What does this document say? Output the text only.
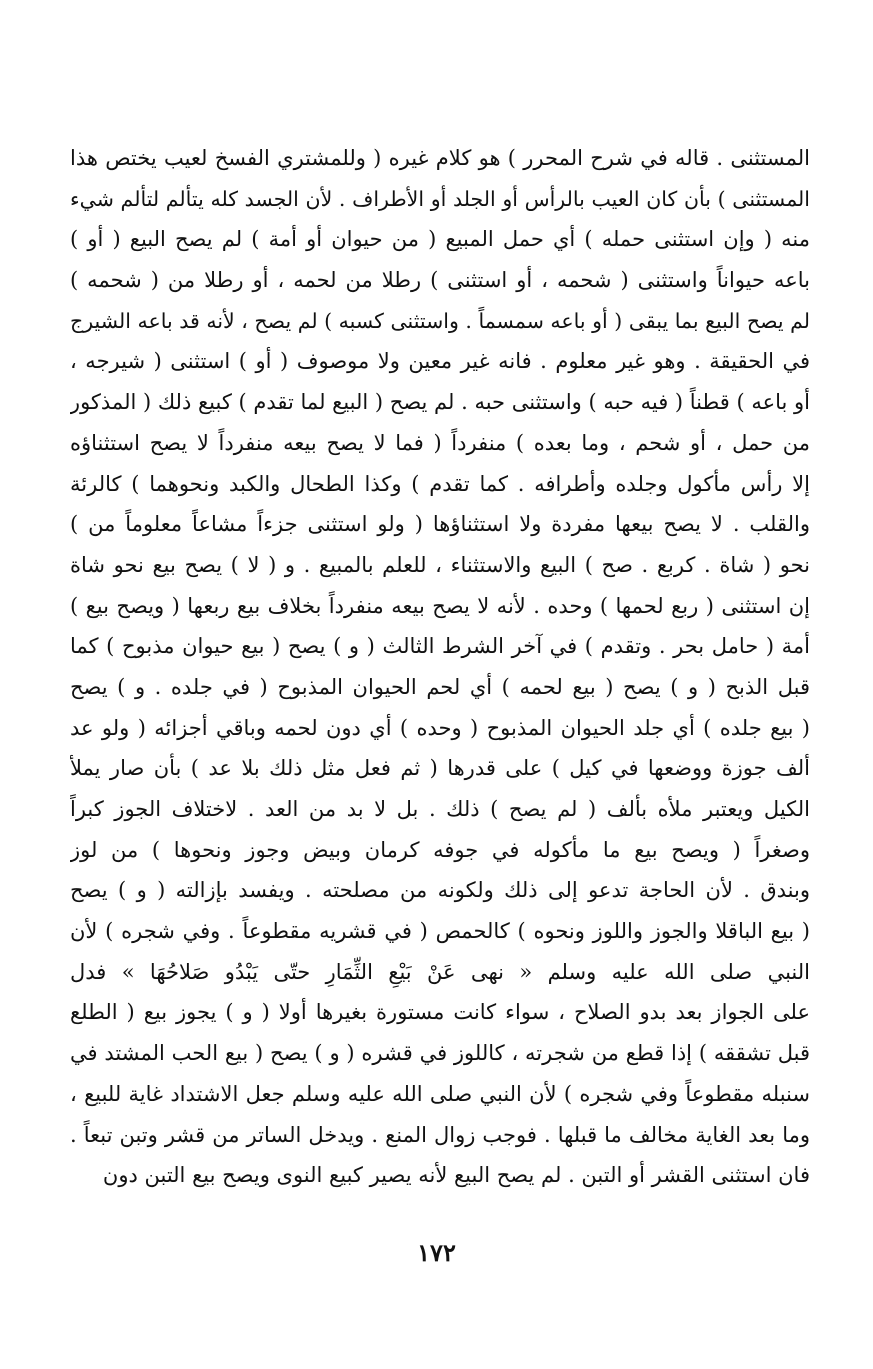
المستثنى . قاله في شرح المحرر ) هو كلام غيره ( وللمشتري الفسخ لعيب يختص هذا
المستثنى ) بأن كان العيب بالرأس أو الجلد أو الأطراف . لأن الجسد كله يتألم لتألم شيء
منه ( وإن استثنى حمله ) أي حمل المبيع ( من حيوان أو أمة ) لم يصح البيع ( أو )
باعه حيواناً واستثنى ( شحمه ، أو استثنى ) رطلا من لحمه ، أو رطلا من ( شحمه )
لم يصح البيع بما يبقى ( أو باعه سمسماً . واستثنى كسبه ) لم يصح ، لأنه قد باعه الشيرج
في الحقيقة . وهو غير معلوم . فانه غير معين ولا موصوف ( أو ) استثنى ( شيرجه ،
أو باعه ) قطناً ( فيه حبه ) واستثنى حبه . لم يصح ( البيع لما تقدم ) كبيع ذلك ( المذكور
من حمل ، أو شحم ، وما بعده ) منفرداً ( فما لا يصح بيعه منفرداً لا يصح استثناؤه
إلا رأس مأكول وجلده وأطرافه . كما تقدم ) وكذا الطحال والكبد ونحوهما ) كالرئة
والقلب . لا يصح بيعها مفردة ولا استثناؤها ( ولو استثنى جزءاً مشاعاً معلوماً من )
نحو ( شاة . كربع . صح ) البيع والاستثناء ، للعلم بالمبيع . و ( لا ) يصح بيع نحو شاة
إن استثنى ( ربع لحمها ) وحده . لأنه لا يصح بيعه منفرداً بخلاف بيع ربعها ( ويصح بيع )
أمة ( حامل بحر . وتقدم ) في آخر الشرط الثالث ( و ) يصح ( بيع حيوان مذبوح ) كما
قبل الذبح ( و ) يصح ( بيع لحمه ) أي لحم الحيوان المذبوح ( في جلده . و ) يصح
( بيع جلده ) أي جلد الحيوان المذبوح ( وحده ) أي دون لحمه وباقي أجزائه ( ولو عد
ألف جوزة ووضعها في كيل ) على قدرها ( ثم فعل مثل ذلك بلا عد ) بأن صار يملأ
الكيل ويعتبر ملأه بألف ( لم يصح ) ذلك . بل لا بد من العد . لاختلاف الجوز كبراً
وصغراً ( ويصح بيع ما مأكوله في جوفه كرمان وبيض وجوز ونحوها ) من لوز
وبندق . لأن الحاجة تدعو إلى ذلك ولكونه من مصلحته . ويفسد بإزالته ( و ) يصح
( بيع الباقلا والجوز واللوز ونحوه ) كالحمص ( في قشريه مقطوعاً . وفي شجره ) لأن
النبي صلى الله عليه وسلم « نهى عَنْ بَيْعِ الثِّمَارِ حتّى يَبْدُو صَلاحُهَا » فدل
على الجواز بعد بدو الصلاح ، سواء كانت مستورة بغيرها أولا ( و ) يجوز بيع ( الطلع
قبل تشققه ) إذا قطع من شجرته ، كاللوز في قشره ( و ) يصح ( بيع الحب المشتد في
سنبله مقطوعاً وفي شجره ) لأن النبي صلى الله عليه وسلم جعل الاشتداد غاية للبيع ،
وما بعد الغاية مخالف ما قبلها . فوجب زوال المنع . ويدخل الساتر من قشر وتبن تبعاً .
فان استثنى القشر أو التبن . لم يصح البيع لأنه يصير كبيع النوى ويصح بيع التبن دون
١٧٢
